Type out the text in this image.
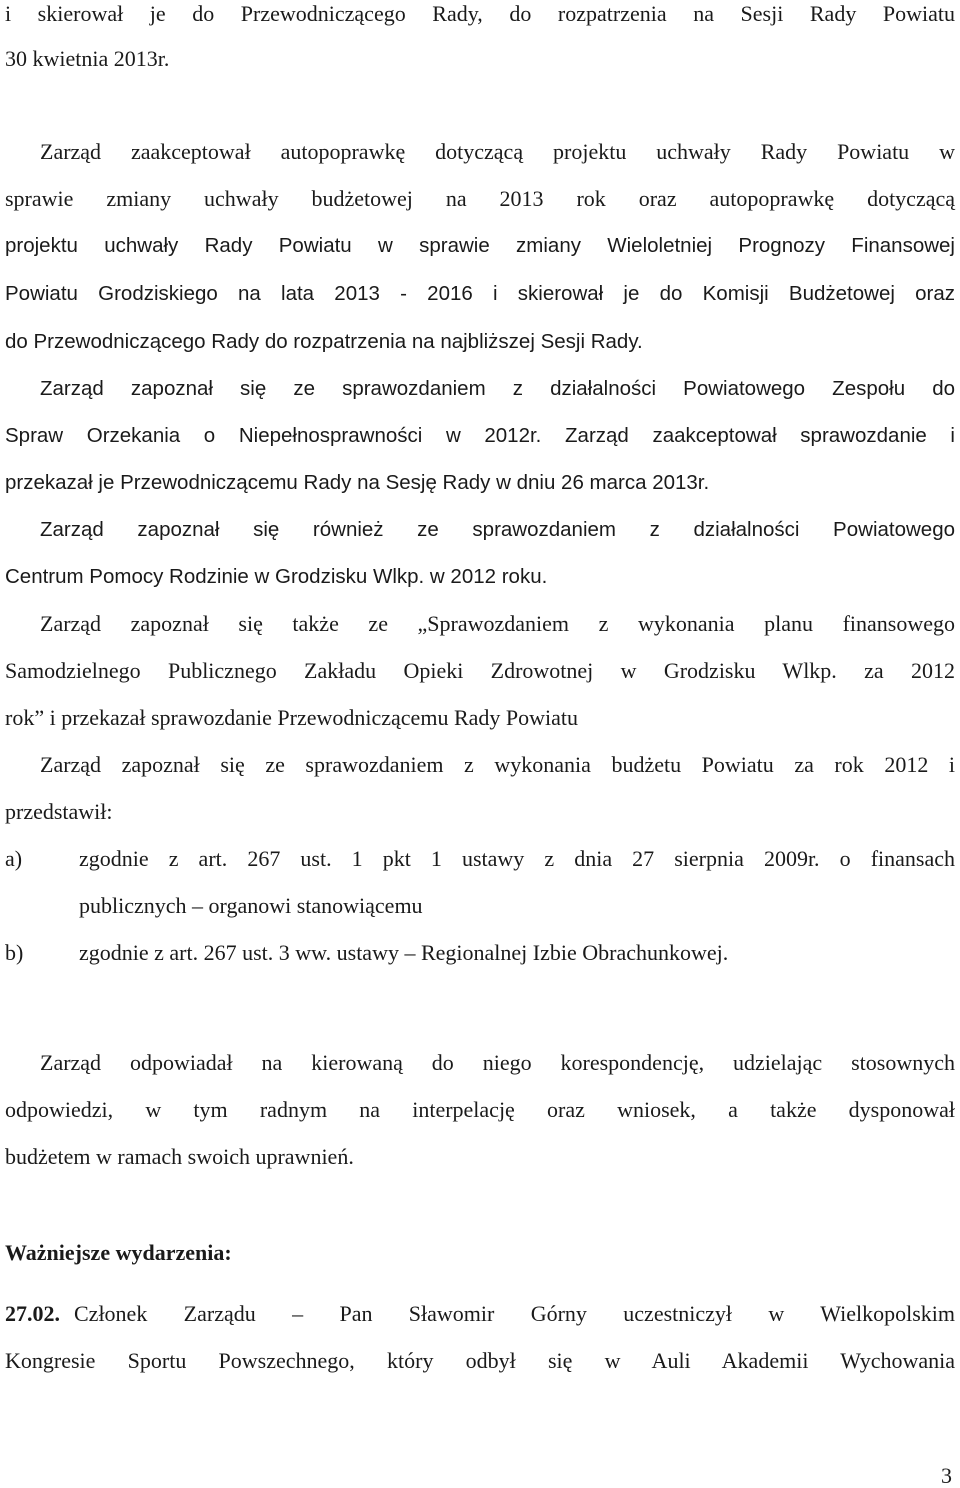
i skierował je do Przewodniczącego Rady, do rozpatrzenia na Sesji Rady Powiatu
30 kwietnia 2013r.
Zarząd zaakceptował autopoprawkę dotyczącą projektu uchwały Rady Powiatu w
sprawie zmiany uchwały budżetowej na 2013 rok oraz autopoprawkę dotyczącą
projektu uchwały Rady Powiatu w sprawie zmiany Wieloletniej Prognozy Finansowej
Powiatu Grodziskiego na lata 2013 - 2016 i skierował je do Komisji Budżetowej oraz
do Przewodniczącego Rady do rozpatrzenia na najbliższej Sesji Rady.
Zarząd zapoznał się ze sprawozdaniem z działalności Powiatowego Zespołu do
Spraw Orzekania o Niepełnosprawności w 2012r. Zarząd zaakceptował sprawozdanie i
przekazał je Przewodniczącemu Rady na Sesję Rady w dniu 26 marca 2013r.
Zarząd zapoznał się również ze sprawozdaniem z działalności Powiatowego
Centrum Pomocy Rodzinie w Grodzisku Wlkp. w 2012 roku.
Zarząd zapoznał się także ze „Sprawozdaniem z wykonania planu finansowego
Samodzielnego Publicznego Zakładu Opieki Zdrowotnej w Grodzisku Wlkp. za 2012
rok” i przekazał sprawozdanie Przewodniczącemu Rady Powiatu
Zarząd zapoznał się ze sprawozdaniem z wykonania budżetu Powiatu za rok 2012 i
przedstawił:
a)	zgodnie z art. 267 ust. 1 pkt 1 ustawy z dnia 27 sierpnia 2009r. o finansach
publicznych – organowi stanowiącemu
b)	zgodnie z art. 267 ust. 3 ww. ustawy – Regionalnej Izbie Obrachunkowej.
Zarząd odpowiadał na kierowaną do niego korespondencję, udzielając stosownych
odpowiedzi, w tym radnym na interpelację oraz wniosek, a także dysponował
budżetem w ramach swoich uprawnień.
Ważniejsze wydarzenia:
27.02. Członek Zarządu – Pan Sławomir Górny uczestniczył w Wielkopolskim
Kongresie Sportu Powszechnego, który odbył się w Auli Akademii Wychowania
3
